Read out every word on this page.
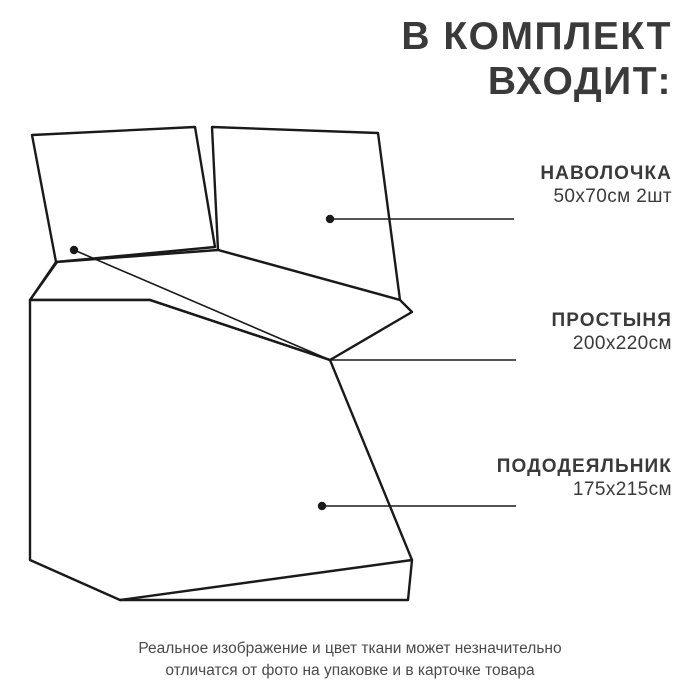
В КОМПЛЕКТ
ВХОДИТ:
НАВОЛОЧКА
50x70см 2шт
ПРОСТЫНЯ
200x220см
ПОДОДЕЯЛЬНИК
175x215см
Реальное изображение и цвет ткани может незначительно
отличатся от фото на упаковке и в карточке товара
